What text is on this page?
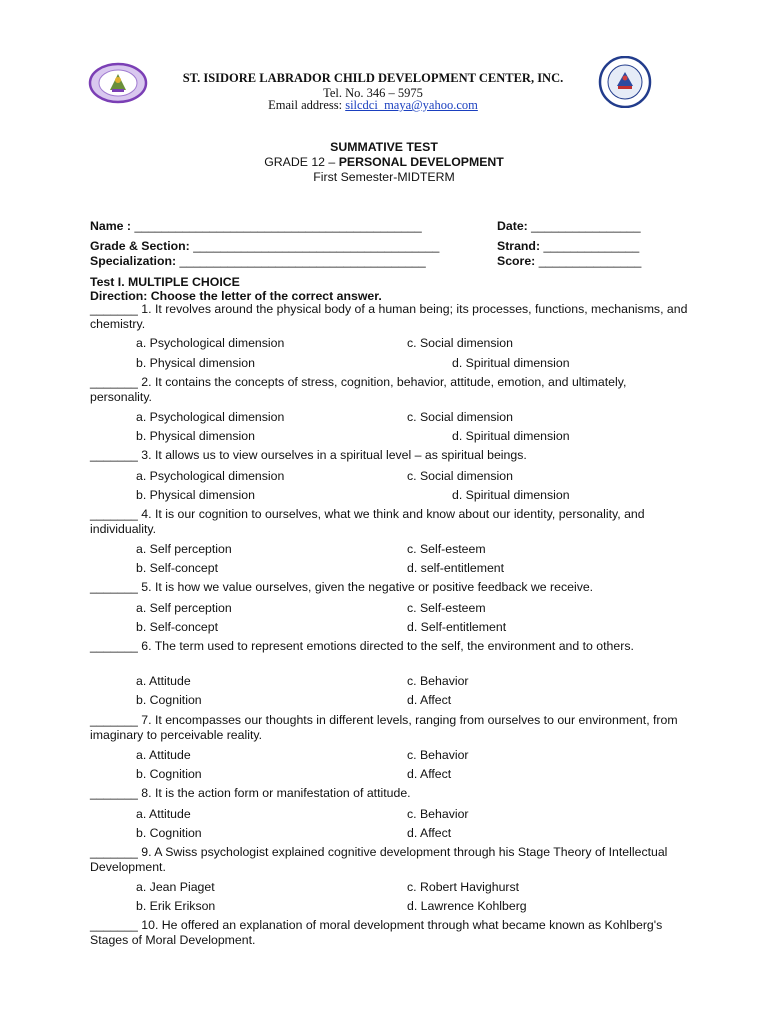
ST. ISIDORE LABRADOR CHILD DEVELOPMENT CENTER, INC.
Tel. No. 346 – 5975
Email address: silcdci_maya@yahoo.com
SUMMATIVE TEST
GRADE 12 – PERSONAL DEVELOPMENT
First Semester-MIDTERM
Name : __________________________________________	Date: ________________
Grade & Section: ____________________________________	Strand: ______________
Specialization: ____________________________________	Score: _______________
Test I. MULTIPLE CHOICE
Direction: Choose the letter of the correct answer.
_______ 1. It revolves around the physical body of a human being; its processes, functions, mechanisms, and chemistry.
a. Psychological dimension	c. Social dimension
b. Physical dimension	d. Spiritual dimension
_______ 2. It contains the concepts of stress, cognition, behavior, attitude, emotion, and ultimately, personality.
a. Psychological dimension	c. Social dimension
b. Physical dimension	d. Spiritual dimension
_______ 3. It allows us to view ourselves in a spiritual level – as spiritual beings.
a. Psychological dimension	c. Social dimension
b. Physical dimension	d. Spiritual dimension
_______ 4. It is our cognition to ourselves, what we think and know about our identity, personality, and individuality.
a. Self perception	c. Self-esteem
b. Self-concept	d. self-entitlement
_______ 5. It is how we value ourselves, given the negative or positive feedback we receive.
a. Self perception	c. Self-esteem
b. Self-concept	d. Self-entitlement
_______ 6. The term used to represent emotions directed to the self, the environment and to others.
a. Attitude	c. Behavior
b. Cognition	d. Affect
_______ 7. It encompasses our thoughts in different levels, ranging from ourselves to our environment, from imaginary to perceivable reality.
a. Attitude	c. Behavior
b. Cognition	d. Affect
_______ 8. It is the action form or manifestation of attitude.
a. Attitude	c. Behavior
b. Cognition	d. Affect
_______ 9. A Swiss psychologist explained cognitive development through his Stage Theory of Intellectual Development.
a. Jean Piaget	c. Robert Havighurst
b. Erik Erikson	d. Lawrence Kohlberg
_______ 10. He offered an explanation of moral development through what became known as Kohlberg's Stages of Moral Development.
